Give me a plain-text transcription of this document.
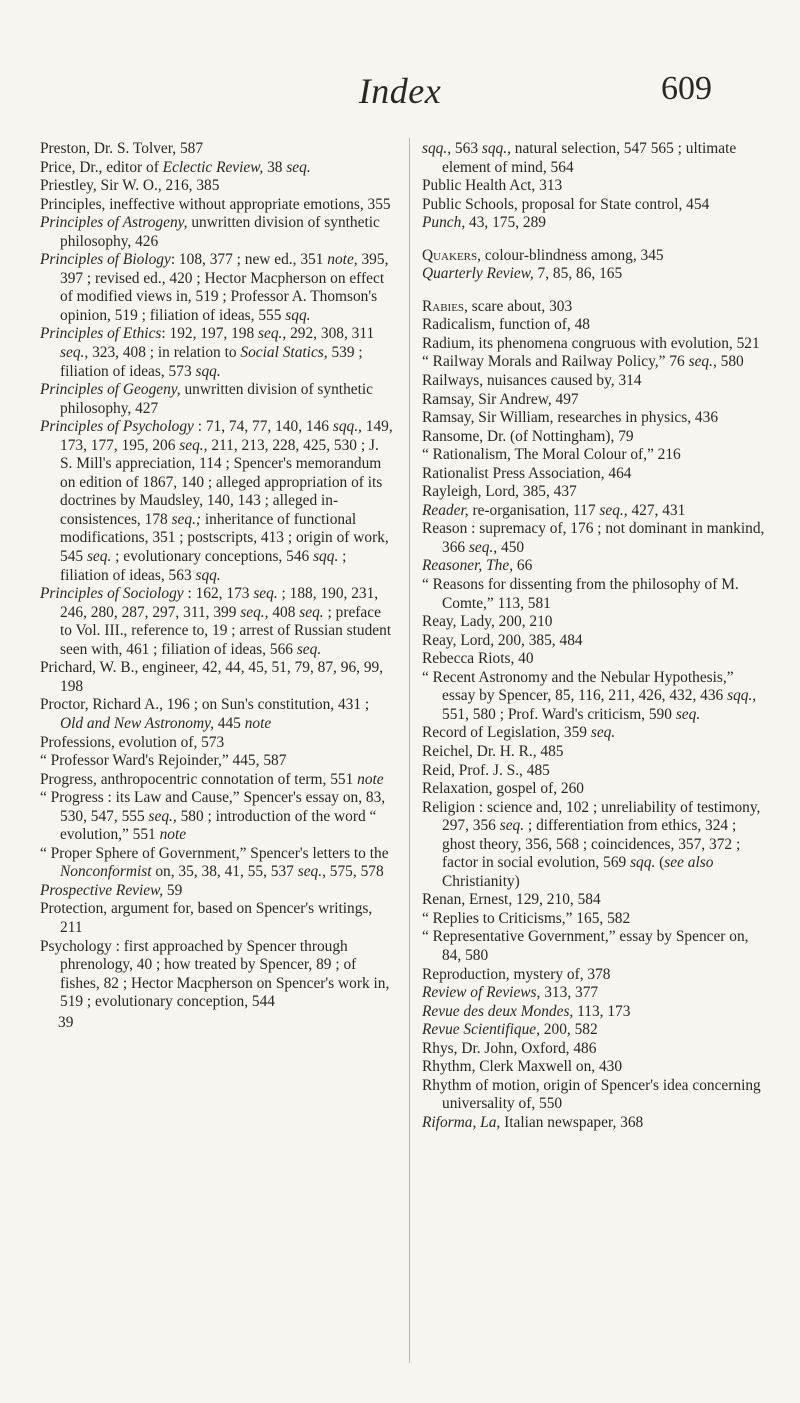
Index	609

Preston, Dr. S. Tolver, 587

Price, Dr., editor of Eclectic Review, 38 seq.

Priestley, Sir W. O., 216, 385

Principles, ineffective without appropriate emotions, 355

Principles of Astrogeny, unwritten division of synthetic philosophy, 426

Principles of Biology: 108, 377 ; new ed., 351 note, 395, 397 ; revised ed., 420 ; Hector Macpherson on effect of modified views in, 519 ; Professor A. Thomson's opinion, 519 ; filiation of ideas, 555 sqq.

Principles of Ethics: 192, 197, 198 seq., 292, 308, 311 seq., 323, 408 ; in relation to Social Statics, 539 ; filiation of ideas, 573 sqq.

Principles of Geogeny, unwritten division of synthetic philosophy, 427

Principles of Psychology : 71, 74, 77, 140, 146 sqq., 149, 173, 177, 195, 206 seq., 211, 213, 228, 425, 530 ; J. S. Mill's appreciation, 114 ; Spencer's memorandum on edition of 1867, 140 ; alleged appropriation of its doctrines by Maudsley, 140, 143 ; alleged inconsistences, 178 seq.; inheritance of functional modifications, 351 ; postscripts, 413 ; origin of work, 545 seq. ; evolutionary conceptions, 546 sqq. ; filiation of ideas, 563 sqq.

Principles of Sociology : 162, 173 seq. ; 188, 190, 231, 246, 280, 287, 297, 311, 399 seq., 408 seq. ; preface to Vol. III., reference to, 19 ; arrest of Russian student seen with, 461 ; filiation of ideas, 566 seq.

Prichard, W. B., engineer, 42, 44, 45, 51, 79, 87, 96, 99, 198

Proctor, Richard A., 196 ; on Sun's constitution, 431 ; Old and New Astronomy, 445 note

Professions, evolution of, 573

“ Professor Ward's Rejoinder,” 445, 587

Progress, anthropocentric connotation of term, 551 note

“ Progress : its Law and Cause,” Spencer's essay on, 83, 530, 547, 555 seq., 580 ; introduction of the word “ evolution,” 551 note

“ Proper Sphere of Government,” Spencer's letters to the Nonconformist on, 35, 38, 41, 55, 537 seq., 575, 578

Prospective Review, 59

Protection, argument for, based on Spencer's writings, 211

Psychology : first approached by Spencer through phrenology, 40 ; how treated by Spencer, 89 ; of fishes, 82 ; Hector Macpherson on Spencer's work in, 519 ; evolutionary conception, 544

39

sqq., 563 sqq., natural selection, 547 565 ; ultimate element of mind, 564

Public Health Act, 313

Public Schools, proposal for State control, 454

Punch, 43, 175, 289

Quakers, colour-blindness among, 345

Quarterly Review, 7, 85, 86, 165

Rabies, scare about, 303

Radicalism, function of, 48

Radium, its phenomena congruous with evolution, 521

“ Railway Morals and Railway Policy,” 76 seq., 580

Railways, nuisances caused by, 314

Ramsay, Sir Andrew, 497

Ramsay, Sir William, researches in physics, 436

Ransome, Dr. (of Nottingham), 79

“ Rationalism, The Moral Colour of,” 216

Rationalist Press Association, 464

Rayleigh, Lord, 385, 437

Reader, re-organisation, 117 seq., 427, 431

Reason : supremacy of, 176 ; not dominant in mankind, 366 seq., 450

Reasoner, The, 66

“ Reasons for dissenting from the philosophy of M. Comte,” 113, 581

Reay, Lady, 200, 210

Reay, Lord, 200, 385, 484

Rebecca Riots, 40

“ Recent Astronomy and the Nebular Hypothesis,” essay by Spencer, 85, 116, 211, 426, 432, 436 sqq., 551, 580 ; Prof. Ward's criticism, 590 seq.

Record of Legislation, 359 seq.

Reichel, Dr. H. R., 485

Reid, Prof. J. S., 485

Relaxation, gospel of, 260

Religion : science and, 102 ; unreliability of testimony, 297, 356 seq. ; differentiation from ethics, 324 ; ghost theory, 356, 568 ; coincidences, 357, 372 ; factor in social evolution, 569 sqq. (see also Christianity)

Renan, Ernest, 129, 210, 584

“ Replies to Criticisms,” 165, 582

“ Representative Government,” essay by Spencer on, 84, 580

Reproduction, mystery of, 378

Review of Reviews, 313, 377

Revue des deux Mondes, 113, 173

Revue Scientifique, 200, 582

Rhys, Dr. John, Oxford, 486

Rhythm, Clerk Maxwell on, 430

Rhythm of motion, origin of Spencer's idea concerning universality of, 550

Riforma, La, Italian newspaper, 368
